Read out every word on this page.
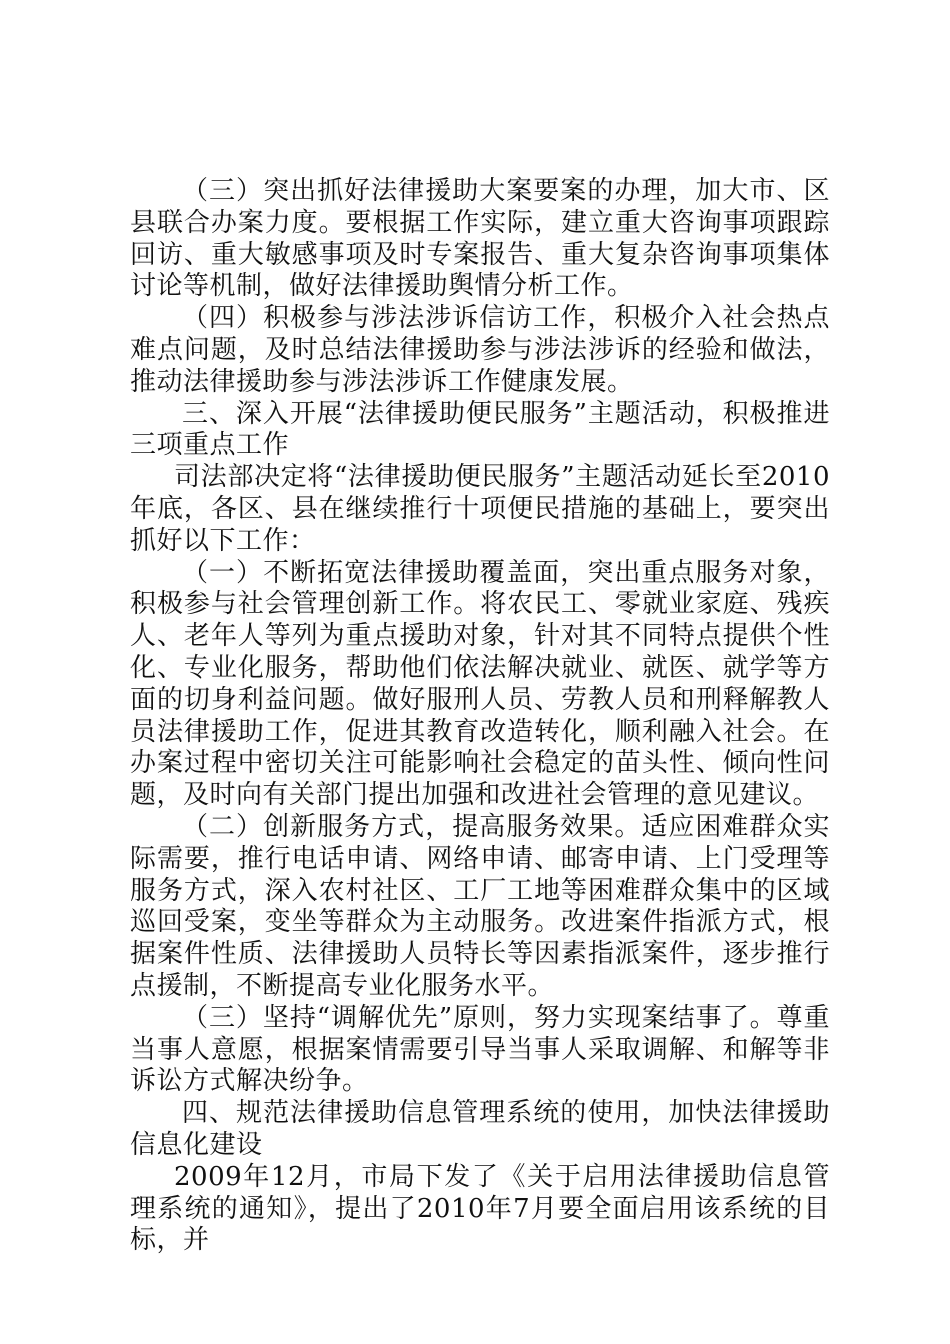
（三）突出抓好法律援助大案要案的办理，加大市、区县联合办案力度。要根据工作实际，建立重大咨询事项跟踪回访、重大敏感事项及时专案报告、重大复杂咨询事项集体讨论等机制，做好法律援助舆情分析工作。

（四）积极参与涉法涉诉信访工作，积极介入社会热点难点问题，及时总结法律援助参与涉法涉诉的经验和做法，推动法律援助参与涉法涉诉工作健康发展。

三、深入开展“法律援助便民服务”主题活动，积极推进三项重点工作

司法部决定将“法律援助便民服务”主题活动延长至2010年底，各区、县在继续推行十项便民措施的基础上，要突出抓好以下工作：

（一）不断拓宽法律援助覆盖面，突出重点服务对象，积极参与社会管理创新工作。将农民工、零就业家庭、残疾人、老年人等列为重点援助对象，针对其不同特点提供个性化、专业化服务，帮助他们依法解决就业、就医、就学等方面的切身利益问题。做好服刑人员、劳教人员和刑释解教人员法律援助工作，促进其教育改造转化，顺利融入社会。在办案过程中密切关注可能影响社会稳定的苗头性、倾向性问题，及时向有关部门提出加强和改进社会管理的意见建议。

（二）创新服务方式，提高服务效果。适应困难群众实际需要，推行电话申请、网络申请、邮寄申请、上门受理等服务方式，深入农村社区、工厂工地等困难群众集中的区域巡回受案，变坐等群众为主动服务。改进案件指派方式，根据案件性质、法律援助人员特长等因素指派案件，逐步推行点援制，不断提高专业化服务水平。

（三）坚持“调解优先”原则，努力实现案结事了。尊重当事人意愿，根据案情需要引导当事人采取调解、和解等非诉讼方式解决纷争。

四、规范法律援助信息管理系统的使用，加快法律援助信息化建设

2009年12月，市局下发了《关于启用法律援助信息管理系统的通知》，提出了2010年7月要全面启用该系统的目标，并
